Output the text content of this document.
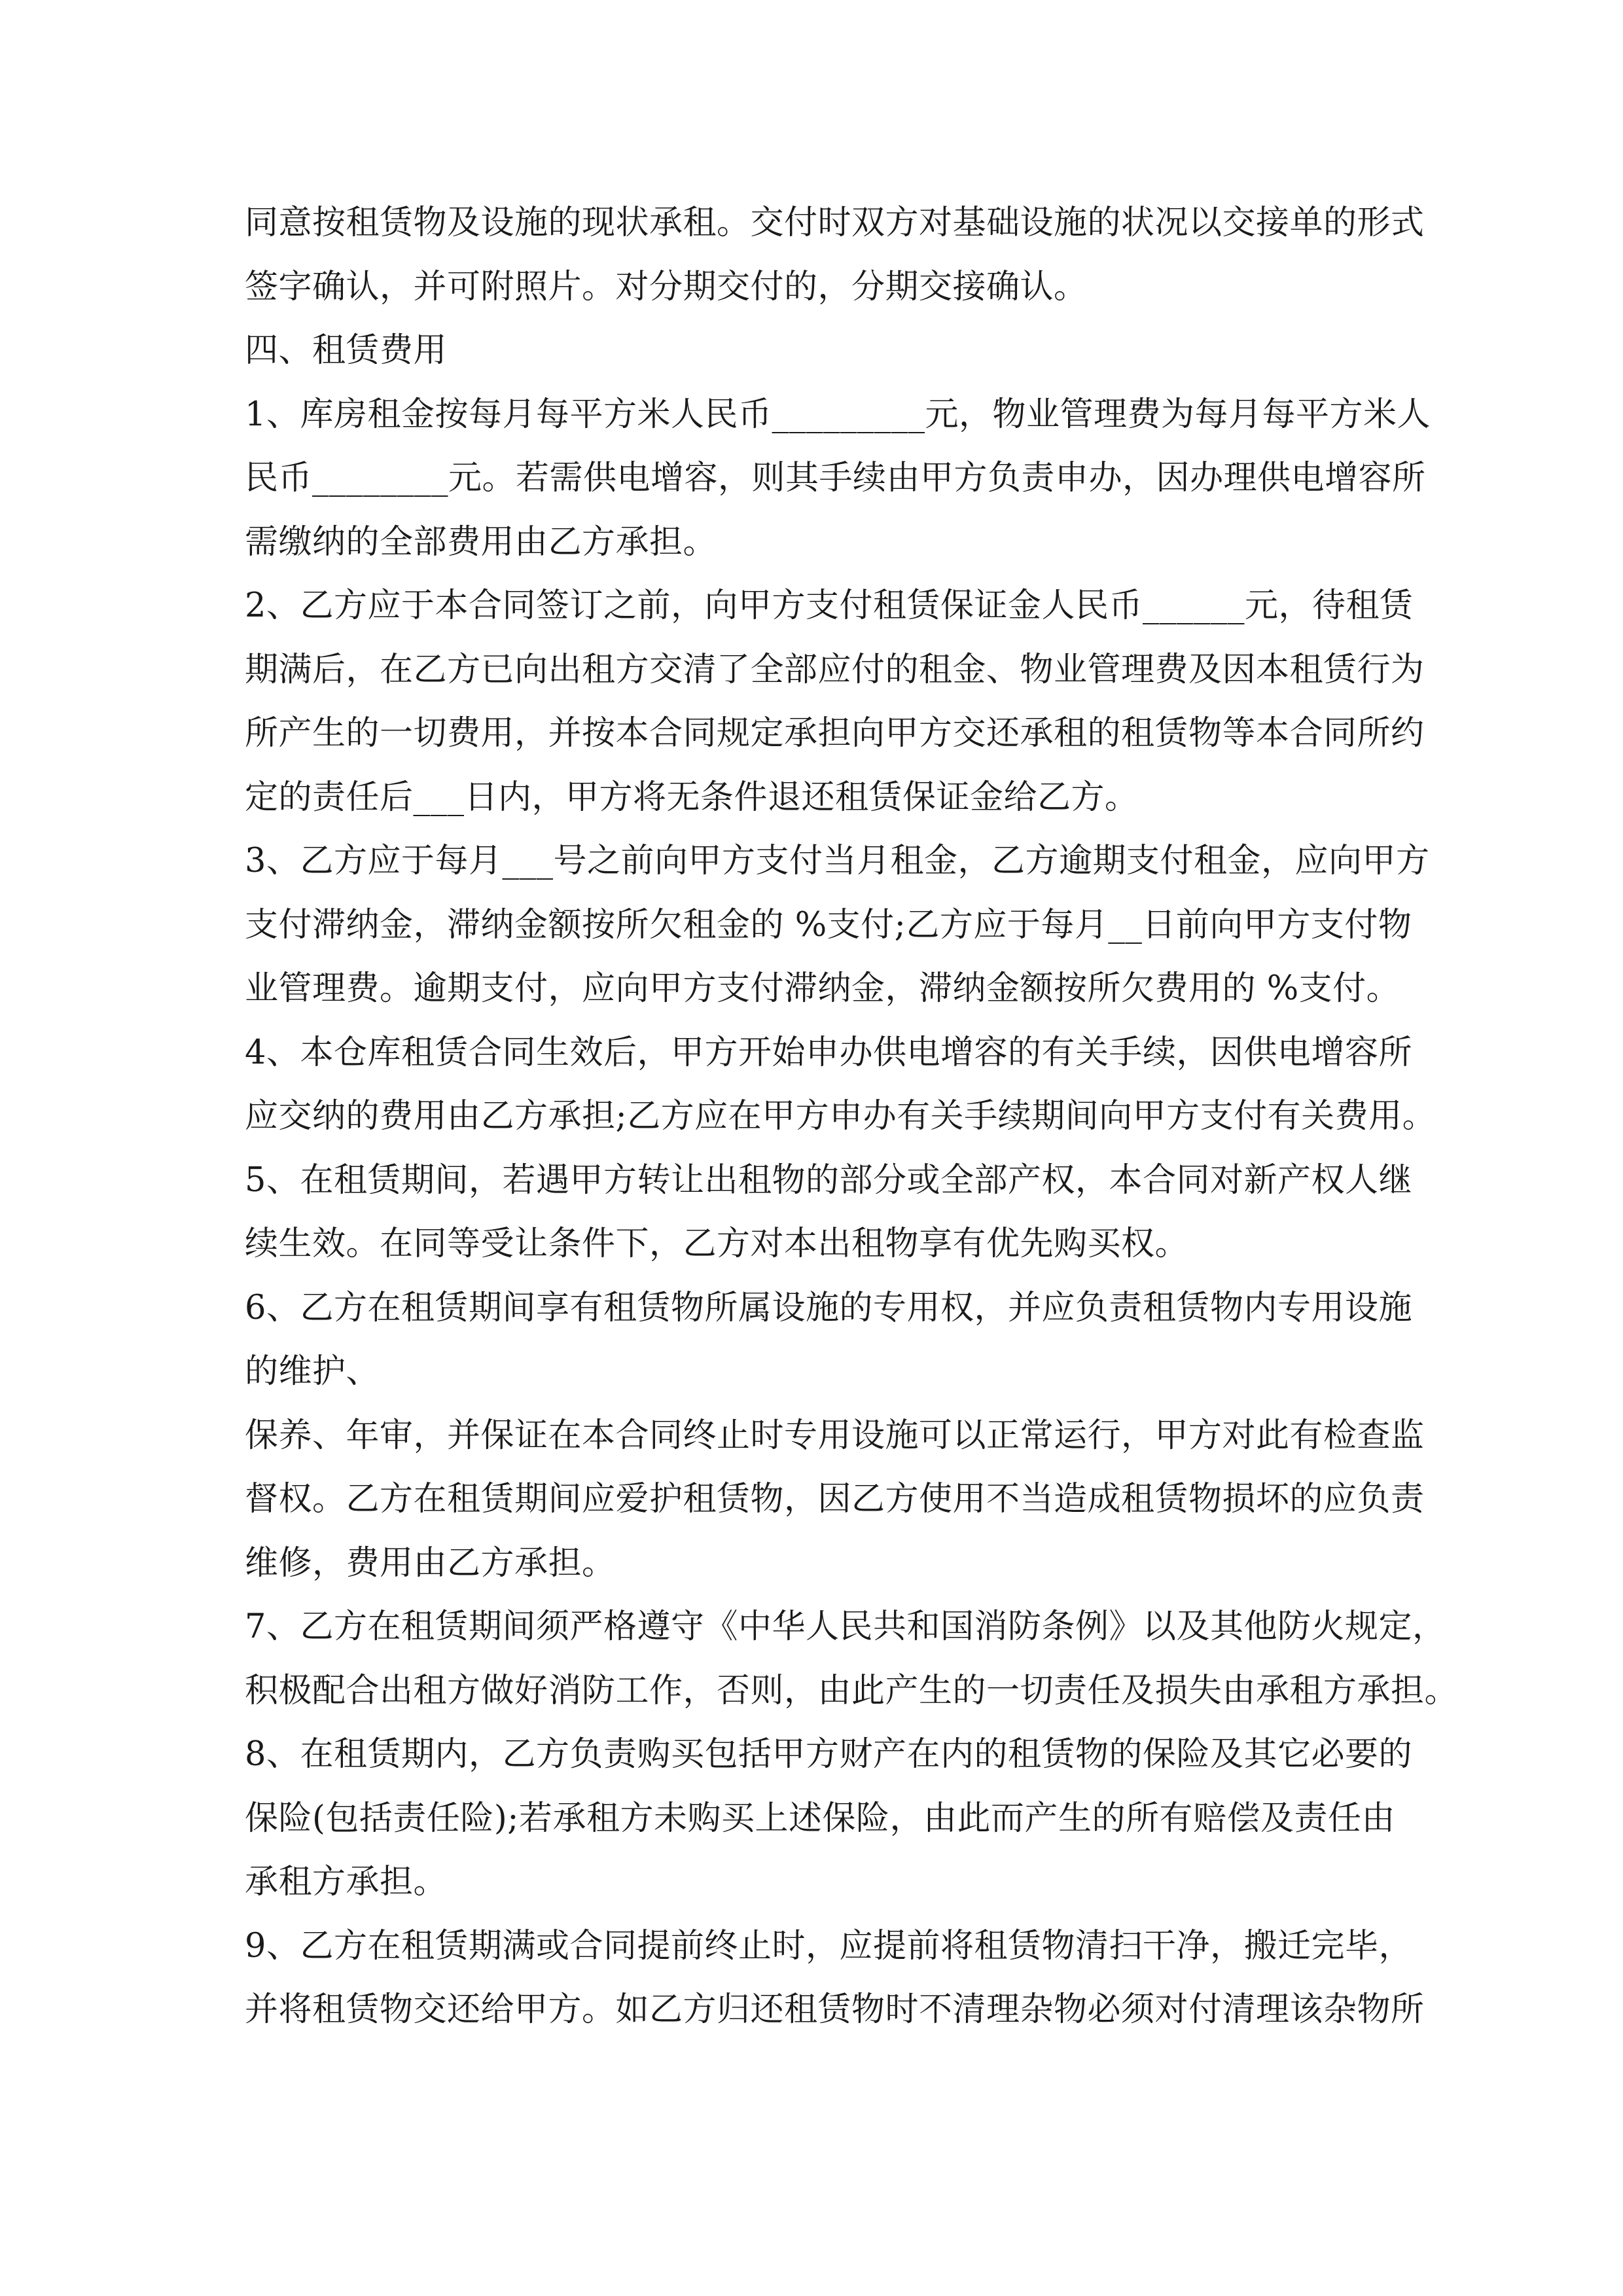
同意按租赁物及设施的现状承租。交付时双方对基础设施的状况以交接单的形式
签字确认，并可附照片。对分期交付的，分期交接确认。
四、租赁费用
1、库房租金按每月每平方米人民币_________元，物业管理费为每月每平方米人
民币________元。若需供电增容，则其手续由甲方负责申办，因办理供电增容所
需缴纳的全部费用由乙方承担。
2、乙方应于本合同签订之前，向甲方支付租赁保证金人民币______元，待租赁
期满后，在乙方已向出租方交清了全部应付的租金、物业管理费及因本租赁行为
所产生的一切费用，并按本合同规定承担向甲方交还承租的租赁物等本合同所约
定的责任后___日内，甲方将无条件退还租赁保证金给乙方。
3、乙方应于每月___号之前向甲方支付当月租金，乙方逾期支付租金，应向甲方
支付滞纳金，滞纳金额按所欠租金的 %支付;乙方应于每月__日前向甲方支付物
业管理费。逾期支付，应向甲方支付滞纳金，滞纳金额按所欠费用的 %支付。
4、本仓库租赁合同生效后，甲方开始申办供电增容的有关手续，因供电增容所
应交纳的费用由乙方承担;乙方应在甲方申办有关手续期间向甲方支付有关费用。
5、在租赁期间，若遇甲方转让出租物的部分或全部产权，本合同对新产权人继
续生效。在同等受让条件下，乙方对本出租物享有优先购买权。
6、乙方在租赁期间享有租赁物所属设施的专用权，并应负责租赁物内专用设施
的维护、
保养、年审，并保证在本合同终止时专用设施可以正常运行，甲方对此有检查监
督权。乙方在租赁期间应爱护租赁物，因乙方使用不当造成租赁物损坏的应负责
维修，费用由乙方承担。
7、乙方在租赁期间须严格遵守《中华人民共和国消防条例》以及其他防火规定，
积极配合出租方做好消防工作，否则，由此产生的一切责任及损失由承租方承担。
8、在租赁期内，乙方负责购买包括甲方财产在内的租赁物的保险及其它必要的
保险(包括责任险);若承租方未购买上述保险，由此而产生的所有赔偿及责任由
承租方承担。
9、乙方在租赁期满或合同提前终止时，应提前将租赁物清扫干净，搬迁完毕，
并将租赁物交还给甲方。如乙方归还租赁物时不清理杂物必须对付清理该杂物所
